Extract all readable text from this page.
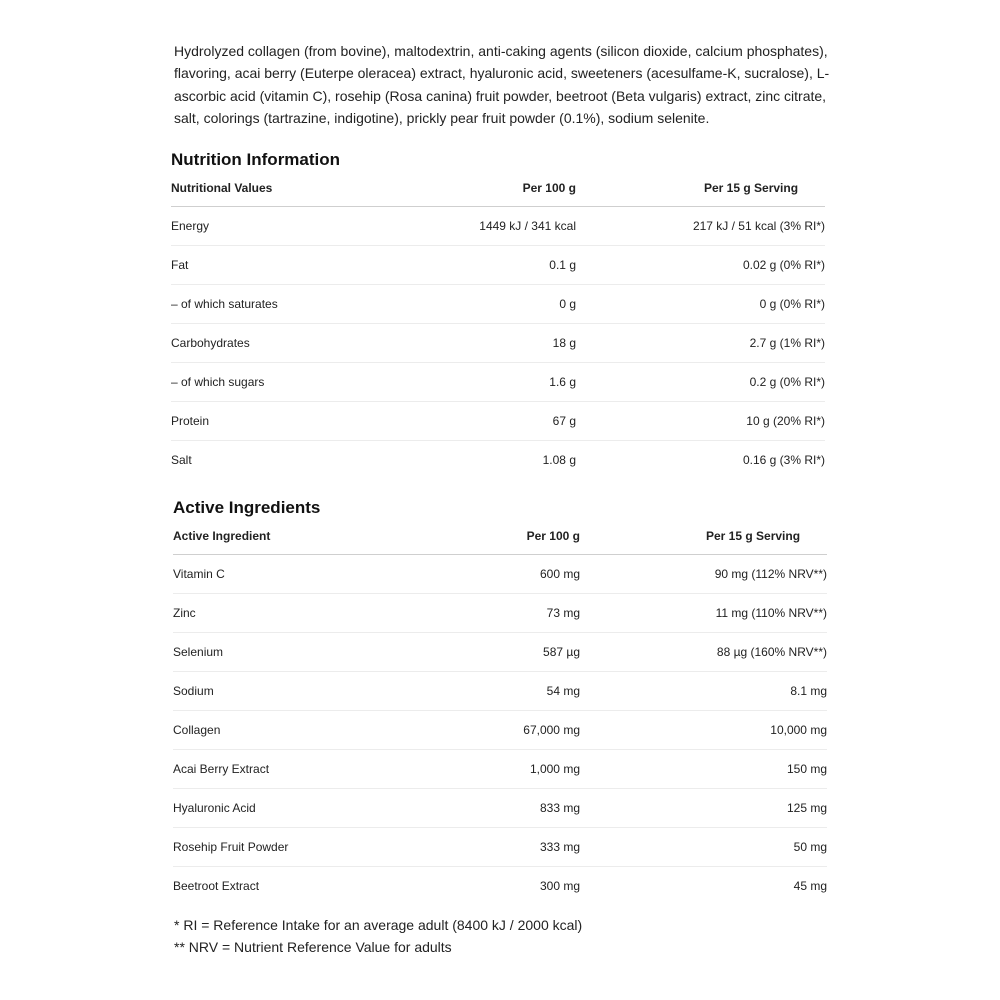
Hydrolyzed collagen (from bovine), maltodextrin, anti-caking agents (silicon dioxide, calcium phosphates), flavoring, acai berry (Euterpe oleracea) extract, hyaluronic acid, sweeteners (acesulfame-K, sucralose), L-ascorbic acid (vitamin C), rosehip (Rosa canina) fruit powder, beetroot (Beta vulgaris) extract, zinc citrate, salt, colorings (tartrazine, indigotine), prickly pear fruit powder (0.1%), sodium selenite.
Nutrition Information
Nutritional Values	Per 100 g	Per 15 g Serving
Energy	1449 kJ / 341 kcal	217 kJ / 51 kcal (3% RI*)
Fat	0.1 g	0.02 g (0% RI*)
– of which saturates	0 g	0 g (0% RI*)
Carbohydrates	18 g	2.7 g (1% RI*)
– of which sugars	1.6 g	0.2 g (0% RI*)
Protein	67 g	10 g (20% RI*)
Salt	1.08 g	0.16 g (3% RI*)
Active Ingredients
Active Ingredient	Per 100 g	Per 15 g Serving
Vitamin C	600 mg	90 mg (112% NRV**)
Zinc	73 mg	11 mg (110% NRV**)
Selenium	587 µg	88 µg (160% NRV**)
Sodium	54 mg	8.1 mg
Collagen	67,000 mg	10,000 mg
Acai Berry Extract	1,000 mg	150 mg
Hyaluronic Acid	833 mg	125 mg
Rosehip Fruit Powder	333 mg	50 mg
Beetroot Extract	300 mg	45 mg
* RI = Reference Intake for an average adult (8400 kJ / 2000 kcal)
** NRV = Nutrient Reference Value for adults
